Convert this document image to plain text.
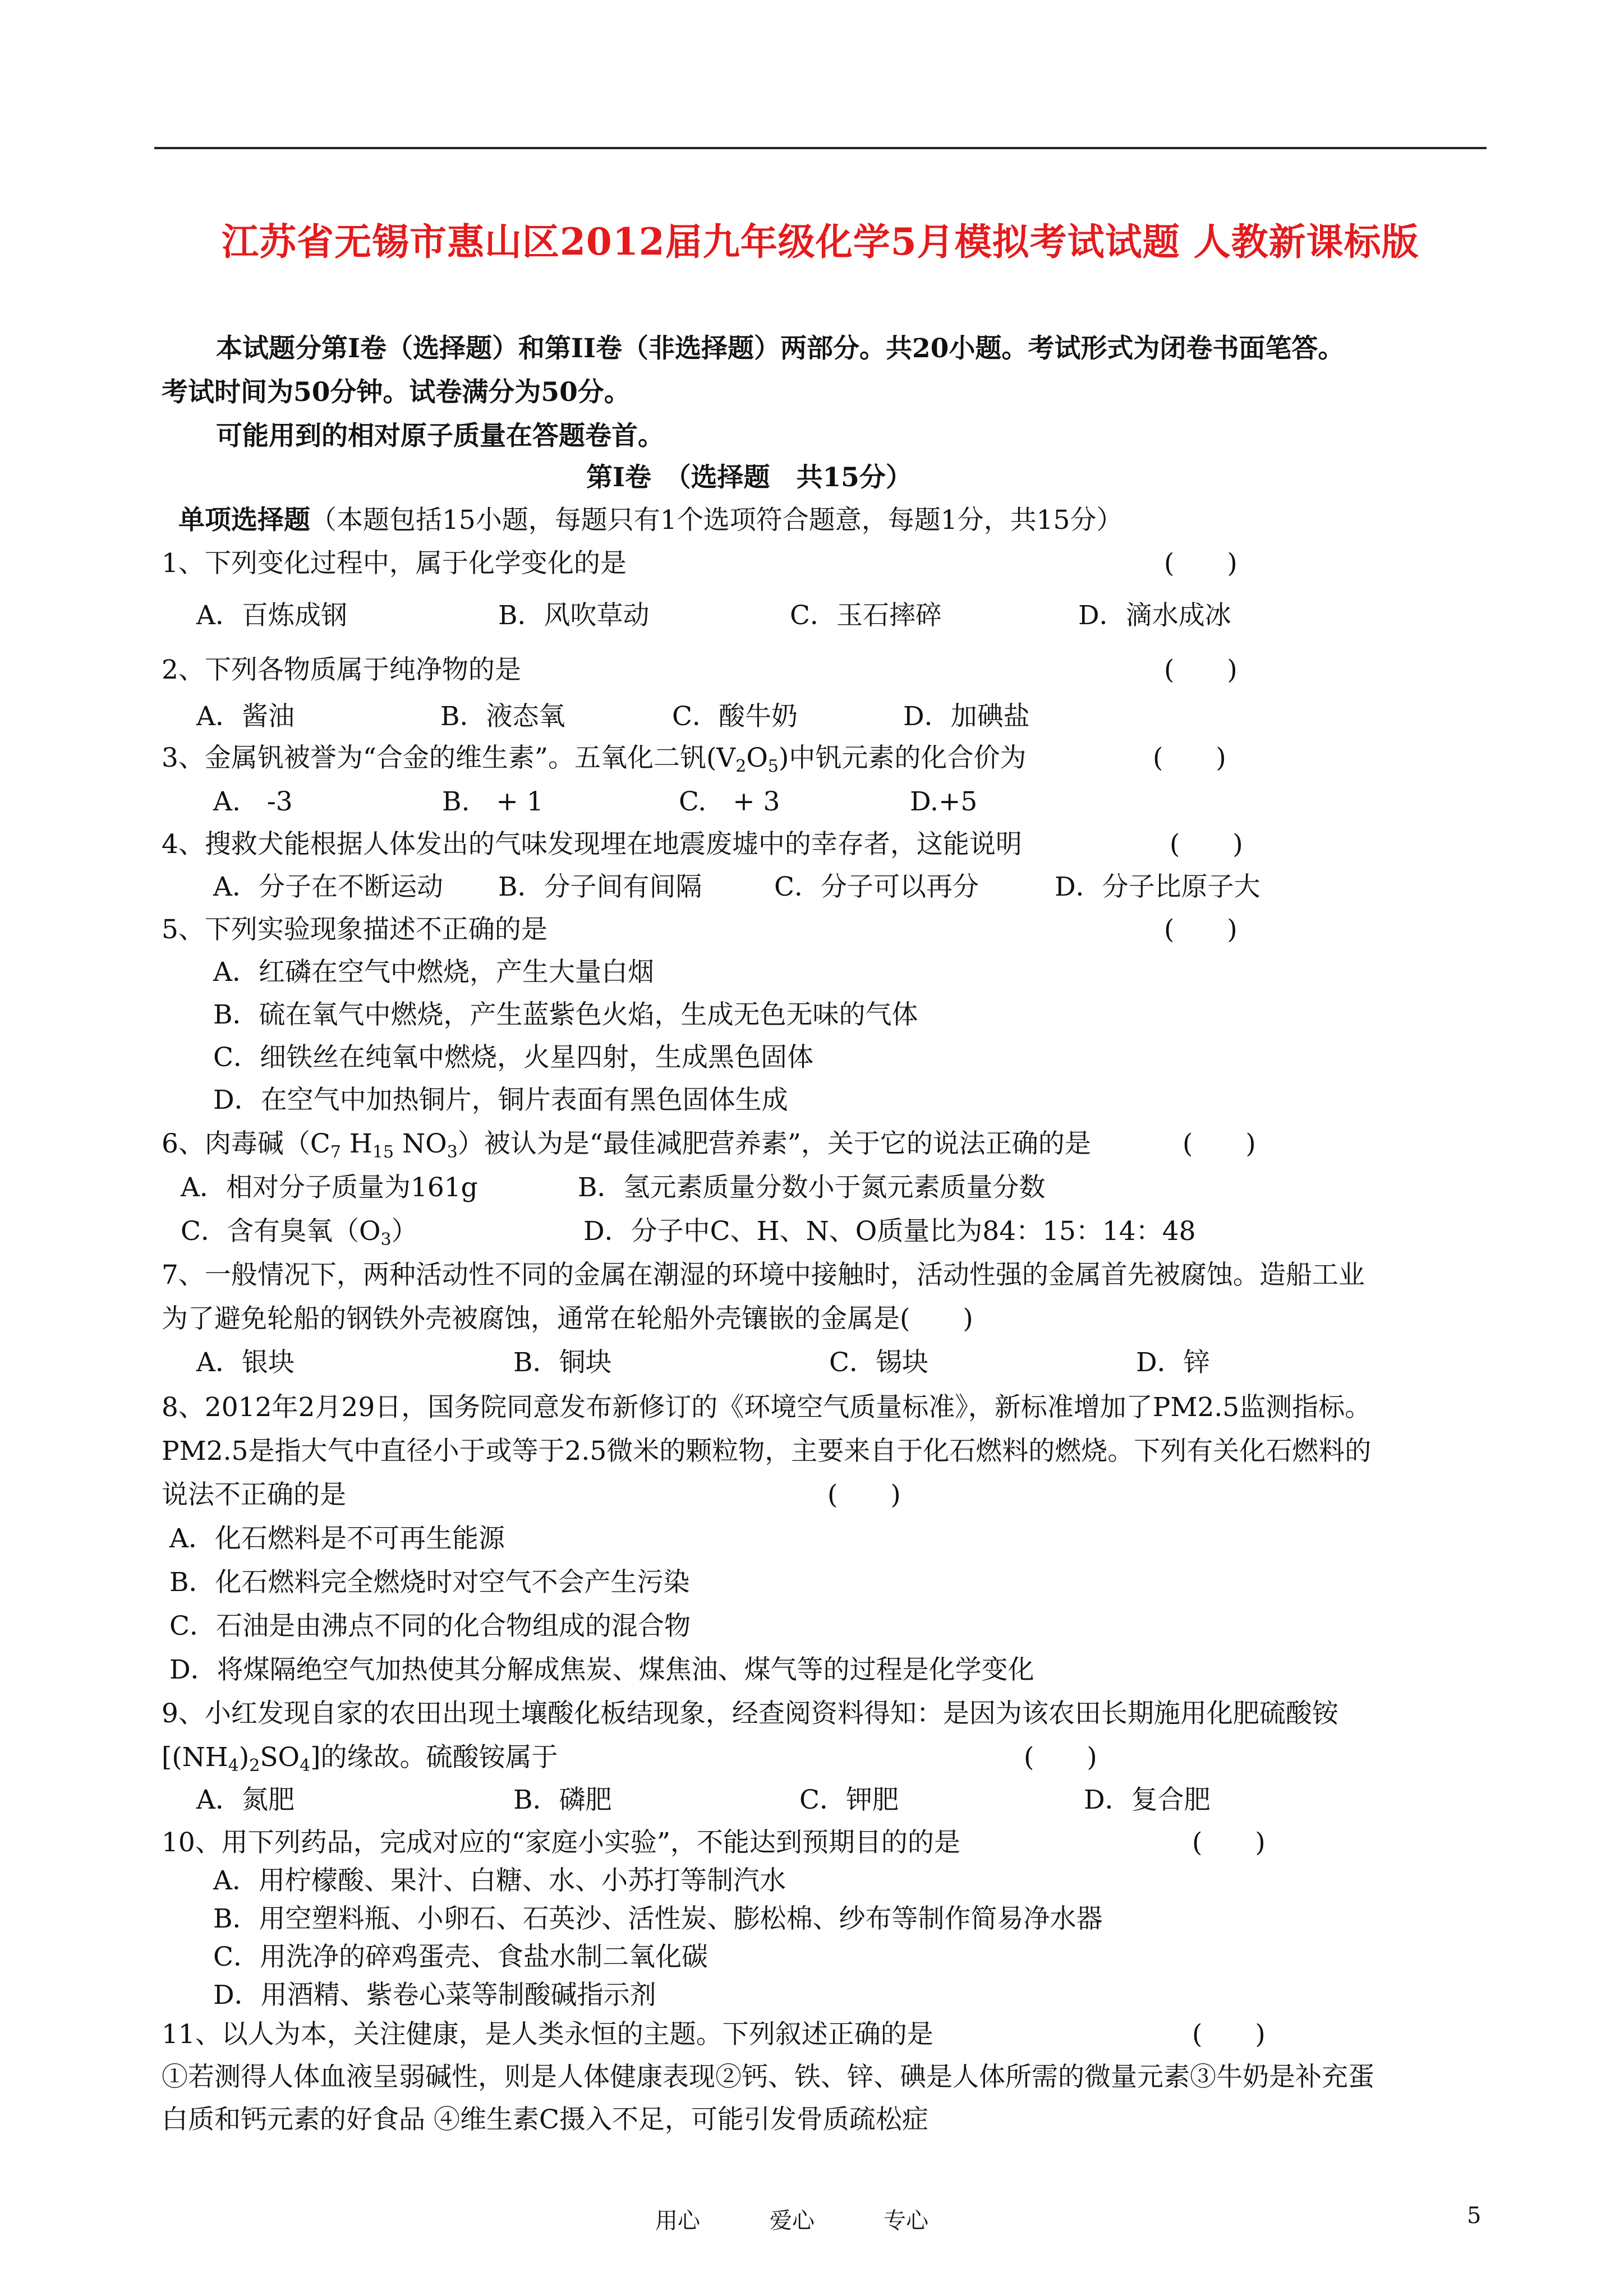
江苏省无锡市惠山区2012届九年级化学5月模拟考试试题 人教新课标版
本试题分第I卷（选择题）和第II卷（非选择题）两部分。共20小题。考试形式为闭卷书面笔答。
考试时间为50分钟。试卷满分为50分。
可能用到的相对原子质量在答题卷首。
第I卷　（选择题　共15分）
单项选择题（本题包括15小题，每题只有1个选项符合题意，每题1分，共15分）
1、下列变化过程中，属于化学变化的是	(　　)
A．百炼成钢	B．风吹草动	C．玉石摔碎	D．滴水成冰
2、下列各物质属于纯净物的是	(　　)
A．酱油	B．液态氧	C．酸牛奶	D．加碘盐
3、金属钒被誉为“合金的维生素”。五氧化二钒$(V_2O_5)$中钒元素的化合价为	(　　)
A.　-3	B.　+ 1	C.　+ 3	D.+5
4、搜救犬能根据人体发出的气味发现埋在地震废墟中的幸存者，这能说明	(　　)
A．分子在不断运动 B．分子间有间隔	C．分子可以再分	D．分子比原子大
5、下列实验现象描述不正确的是	(　　)
A．红磷在空气中燃烧，产生大量白烟
B．硫在氧气中燃烧，产生蓝紫色火焰，生成无色无味的气体
C．细铁丝在纯氧中燃烧，火星四射，生成黑色固体
D．在空气中加热铜片，铜片表面有黑色固体生成
6、肉毒碱（$C_7$ $H_{15}$ $NO_3$）被认为是“最佳减肥营养素”，关于它的说法正确的是	(　　)
A．相对分子质量为161g	B．氢元素质量分数小于氮元素质量分数
C．含有臭氧$(O_3)$	D．分子中C、H、N、O质量比为84：15：14：48
7、一般情况下，两种活动性不同的金属在潮湿的环境中接触时，活动性强的金属首先被腐蚀。造船工业
为了避免轮船的钢铁外壳被腐蚀，通常在轮船外壳镶嵌的金属是(　　)
A．银块	B．铜块	C．锡块	D．锌
8、2012年2月29日，国务院同意发布新修订的《环境空气质量标准》，新标准增加了PM2.5监测指标。
PM2.5是指大气中直径小于或等于2.5微米的颗粒物，主要来自于化石燃料的燃烧。下列有关化石燃料的
说法不正确的是	(　　)
A．化石燃料是不可再生能源
B．化石燃料完全燃烧时对空气不会产生污染
C．石油是由沸点不同的化合物组成的混合物
D．将煤隔绝空气加热使其分解成焦炭、煤焦油、煤气等的过程是化学变化
9、小红发现自家的农田出现土壤酸化板结现象，经查阅资料得知：是因为该农田长期施用化肥硫酸铵
$[(NH_4)_2SO_4]$的缘故。硫酸铵属于	(　　)
A．氮肥	B．磷肥	C．钾肥	D．复合肥
10、用下列药品，完成对应的“家庭小实验”，不能达到预期目的的是	(　　)
A．用柠檬酸、果汁、白糖、水、小苏打等制汽水
B．用空塑料瓶、小卵石、石英沙、活性炭、膨松棉、纱布等制作简易净水器
C．用洗净的碎鸡蛋壳、食盐水制二氧化碳
D．用酒精、紫卷心菜等制酸碱指示剂
11、以人为本，关注健康，是人类永恒的主题。下列叙述正确的是	(　　)
①若测得人体血液呈弱碱性，则是人体健康表现②钙、铁、锌、碘是人体所需的微量元素③牛奶是补充蛋
白质和钙元素的好食品 ④维生素C摄入不足，可能引发骨质疏松症
用心	爱心	专心	5
